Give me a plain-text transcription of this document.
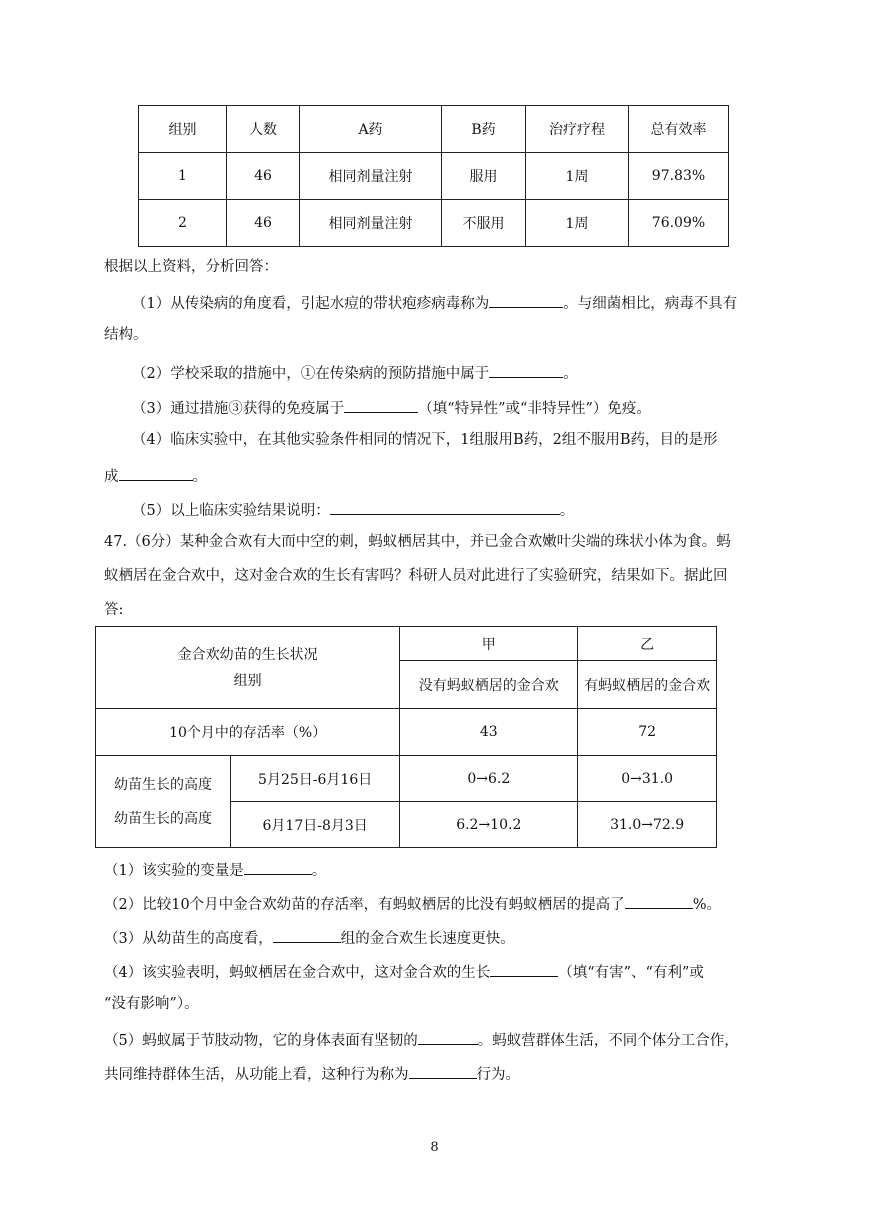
组别	人数	A药	B药	治疗疗程	总有效率
1	46	相同剂量注射	服用	1周	97.83%
2	46	相同剂量注射	不服用	1周	76.09%
根据以上资料，分析回答：
（1）从传染病的角度看，引起水痘的带状疱疹病毒称为	。与细菌相比，病毒不具有
结构。
（2）学校采取的措施中，①在传染病的预防措施中属于	。
（3）通过措施③获得的免疫属于	（填“特异性”或“非特异性”）免疫。
（4）临床实验中，在其他实验条件相同的情况下，1组服用B药，2组不服用B药，目的是形
成	。
（5）以上临床实验结果说明：	。
47.（6分）某种金合欢有大而中空的刺，蚂蚁栖居其中，并已金合欢嫩叶尖端的珠状小体为食。蚂
蚁栖居在金合欢中，这对金合欢的生长有害吗？科研人员对此进行了实验研究，结果如下。据此回
答:
金合欢幼苗的生长状况
组别		甲	乙
		没有蚂蚁栖居的金合欢	有蚂蚁栖居的金合欢
10个月中的存活率（%）		43	72

幼苗生长的高度
幼苗生长的高度	5月25日-6月16日	0→6.2	0→31.0
	6月17日-8月3日	6.2→10.2	31.0→72.9
（1）该实验的变量是	。
（2）比较10个月中金合欢幼苗的存活率，有蚂蚁栖居的比没有蚂蚁栖居的提高了	%。
（3）从幼苗生的高度看，	组的金合欢生长速度更快。
（4）该实验表明，蚂蚁栖居在金合欢中，这对金合欢的生长	（填“有害”、“有利”或
“没有影响”）。
（5）蚂蚁属于节肢动物，它的身体表面有坚韧的	。蚂蚁营群体生活，不同个体分工合作，
共同维持群体生活，从功能上看，这种行为称为	行为。
8
